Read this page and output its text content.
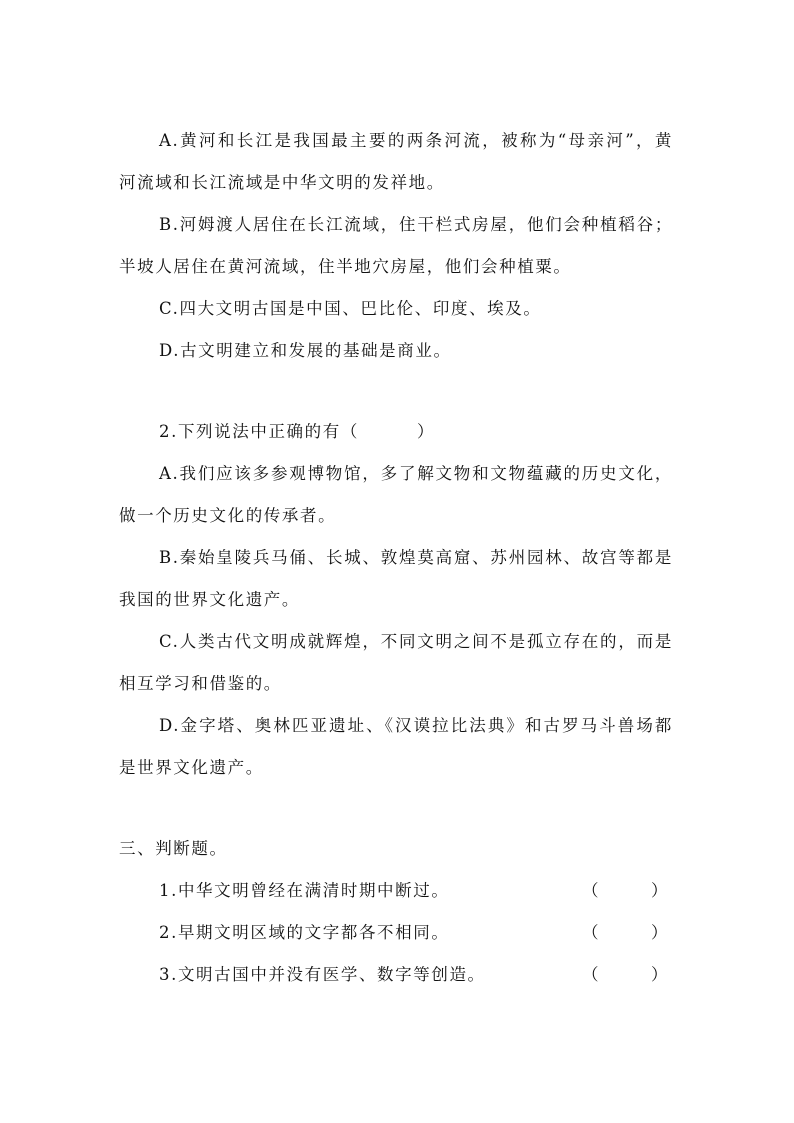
A.黄河和长江是我国最主要的两条河流，被称为“母亲河”，黄
河流域和长江流域是中华文明的发祥地。
B.河姆渡人居住在长江流域，住干栏式房屋，他们会种植稻谷；
半坡人居住在黄河流域，住半地穴房屋，他们会种植粟。
C.四大文明古国是中国、巴比伦、印度、埃及。
D.古文明建立和发展的基础是商业。
2.下列说法中正确的有（	）
A.我们应该多参观博物馆，多了解文物和文物蕴藏的历史文化，
做一个历史文化的传承者。
B.秦始皇陵兵马俑、长城、敦煌莫高窟、苏州园林、故宫等都是
我国的世界文化遗产。
C.人类古代文明成就辉煌，不同文明之间不是孤立存在的，而是
相互学习和借鉴的。
D.金字塔、奥林匹亚遗址、《汉谟拉比法典》和古罗马斗兽场都
是世界文化遗产。
三、判断题。
1.中华文明曾经在满清时期中断过。	（	）
2.早期文明区域的文字都各不相同。	（	）
3.文明古国中并没有医学、数字等创造。	（	）
